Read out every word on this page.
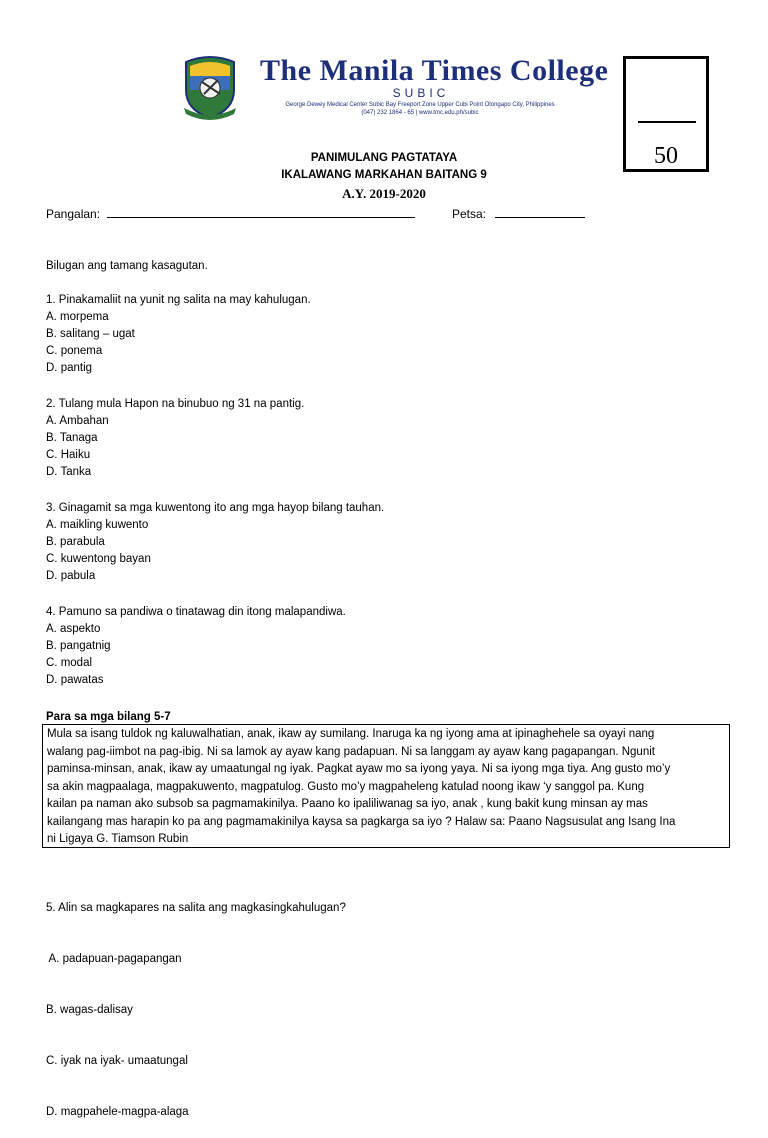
The Manila Times College
SUBIC
George Dewey Medical Center Subic Bay Freeport Zone Upper Cubi Point Olongapo City, Philippines
(047) 232 1864 - 65 | www.tmc.edu.ph/subic
50
PANIMULANG PAGTATAYA
IKALAWANG MARKAHAN BAITANG 9
A.Y. 2019-2020
Pangalan:	Petsa:
Bilugan ang tamang kasagutan.
1. Pinakamaliit na yunit ng salita na may kahulugan.
A. morpema
B. salitang – ugat
C. ponema
D. pantig
2. Tulang mula Hapon na binubuo ng 31 na pantig.
A. Ambahan
B. Tanaga
C. Haiku
D. Tanka
3. Ginagamit sa mga kuwentong ito ang mga hayop bilang tauhan.
A. maikling kuwento
B. parabula
C. kuwentong bayan
D. pabula
4. Pamuno sa pandiwa o tinatawag din itong malapandiwa.
A. aspekto
B. pangatnig
C. modal
D. pawatas
Para sa mga bilang 5-7
Mula sa isang tuldok ng kaluwalhatian, anak, ikaw ay sumilang. Inaruga ka ng iyong ama at ipinaghehele sa oyayi nang
walang pag-iimbot na pag-ibig. Ni sa lamok ay ayaw kang padapuan. Ni sa langgam ay ayaw kang pagapangan. Ngunit
paminsa-minsan, anak, ikaw ay umaatungal ng iyak. Pagkat ayaw mo sa iyong yaya. Ni sa iyong mga tiya. Ang gusto mo’y
sa akin magpaalaga, magpakuwento, magpatulog. Gusto mo’y magpaheleng katulad noong ikaw ‘y sanggol pa. Kung
kailan pa naman ako subsob sa pagmamakinilya. Paano ko ipaliliwanag sa iyo, anak , kung bakit kung minsan ay mas
kailangang mas harapin ko pa ang pagmamakinilya kaysa sa pagkarga sa iyo ? Halaw sa: Paano Nagsusulat ang Isang Ina
ni Ligaya G. Tiamson Rubin

5. Alin sa magkapares na salita ang magkasingkahulugan?

A. padapuan-pagapangan

B. wagas-dalisay

C. iyak na iyak- umaatungal

D. magpahele-magpa-alaga
